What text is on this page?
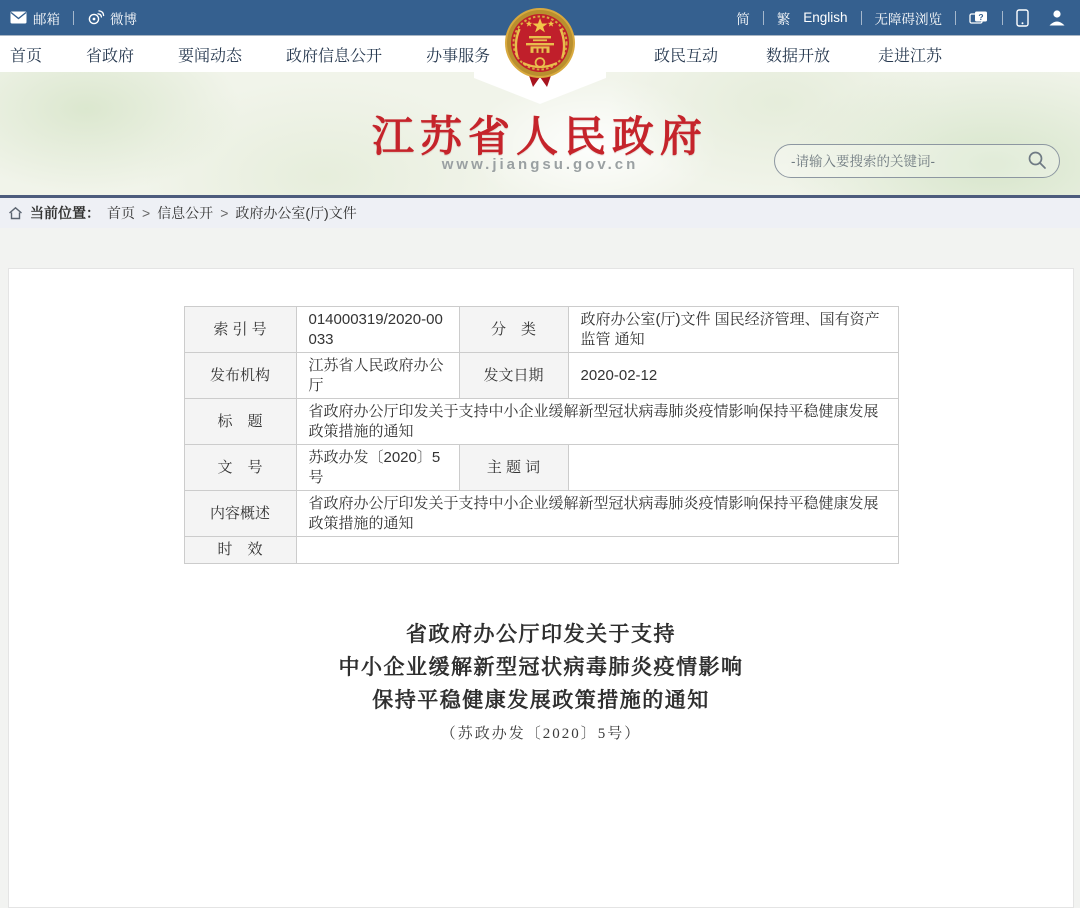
邮箱	微博	简 繁 English 无障碍浏览	?
首页	省政府	要闻动态	政府信息公开	办事服务	政民互动	数据开放	走进江苏
江苏省人民政府
www.jiangsu.gov.cn
-请输入要搜索的关键词-
当前位置： 首页 > 信息公开 > 政府办公室(厅)文件
索 引 号	014000319/2020-00033	分　类	政府办公室(厅)文件 国民经济管理、国有资产监管 通知
发布机构	江苏省人民政府办公厅	发文日期	2020-02-12
标　题	省政府办公厅印发关于支持中小企业缓解新型冠状病毒肺炎疫情影响保持平稳健康发展政策措施的通知		
文　号	苏政办发〔2020〕5号	主 题 词	
内容概述	省政府办公厅印发关于支持中小企业缓解新型冠状病毒肺炎疫情影响保持平稳健康发展政策措施的通知		
时　效			
省政府办公厅印发关于支持
中小企业缓解新型冠状病毒肺炎疫情影响
保持平稳健康发展政策措施的通知
（苏政办发〔2020〕5号）
